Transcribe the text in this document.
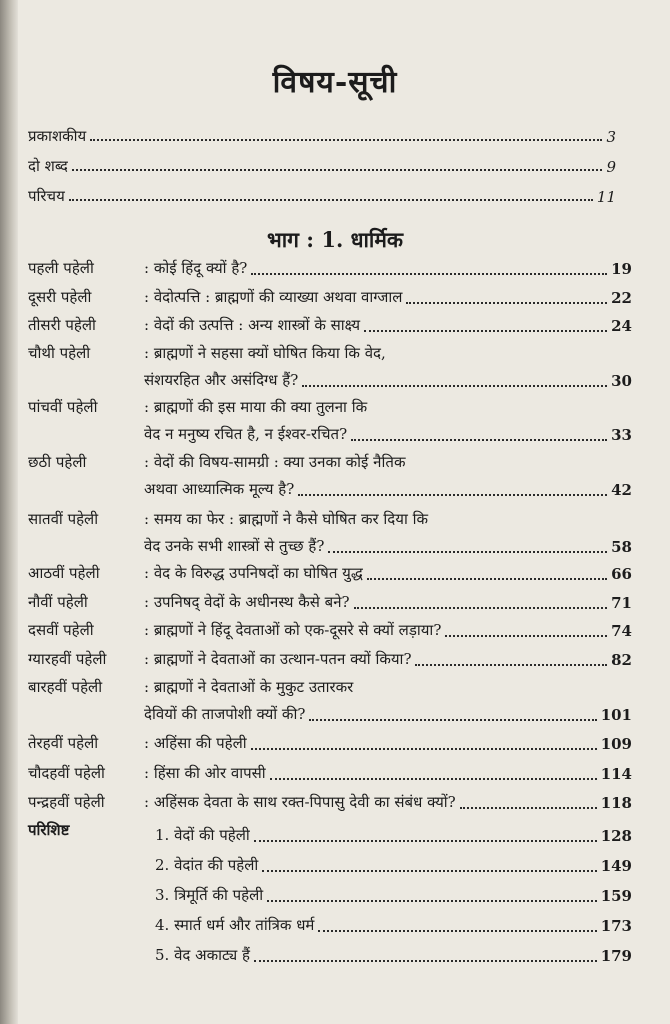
विषय-सूची
प्रकाशकीय	3
दो शब्द	9
परिचय	11
भाग : 1. धार्मिक
पहली पहेली	: कोई हिंदू क्यों है?	19
दूसरी पहेली	: वेदोत्पत्ति : ब्राह्मणों की व्याख्या अथवा वाग्जाल	22
तीसरी पहेली	: वेदों की उत्पत्ति : अन्य शास्त्रों के साक्ष्य	24
चौथी पहेली	: ब्राह्मणों ने सहसा क्यों घोषित किया कि वेद,
संशयरहित और असंदिग्ध हैं?	30
पांचवीं पहेली	: ब्राह्मणों की इस माया की क्या तुलना कि
वेद न मनुष्य रचित है, न ईश्वर-रचित?	33
छठी पहेली	: वेदों की विषय-सामग्री : क्या उनका कोई नैतिक
अथवा आध्यात्मिक मूल्य है?	42
सातवीं पहेली	: समय का फेर : ब्राह्मणों ने कैसे घोषित कर दिया कि
वेद उनके सभी शास्त्रों से तुच्छ हैं?	58
आठवीं पहेली	: वेद के विरुद्ध उपनिषदों का घोषित युद्ध	66
नौवीं पहेली	: उपनिषद् वेदों के अधीनस्थ कैसे बने?	71
दसवीं पहेली	: ब्राह्मणों ने हिंदू देवताओं को एक-दूसरे से क्यों लड़ाया?	74
ग्यारहवीं पहेली	: ब्राह्मणों ने देवताओं का उत्थान-पतन क्यों किया?	82
बारहवीं पहेली	: ब्राह्मणों ने देवताओं के मुकुट उतारकर
देवियों की ताजपोशी क्यों की?	101
तेरहवीं पहेली	: अहिंसा की पहेली	109
चौदहवीं पहेली	: हिंसा की ओर वापसी	114
पन्द्रहवीं पहेली	: अहिंसक देवता के साथ रक्त-पिपासु देवी का संबंध क्यों?	118
परिशिष्ट	1. वेदों की पहेली	128
2. वेदांत की पहेली	149
3. त्रिमूर्ति की पहेली	159
4. स्मार्त धर्म और तांत्रिक धर्म	173
5. वेद अकाट्य हैं	179
